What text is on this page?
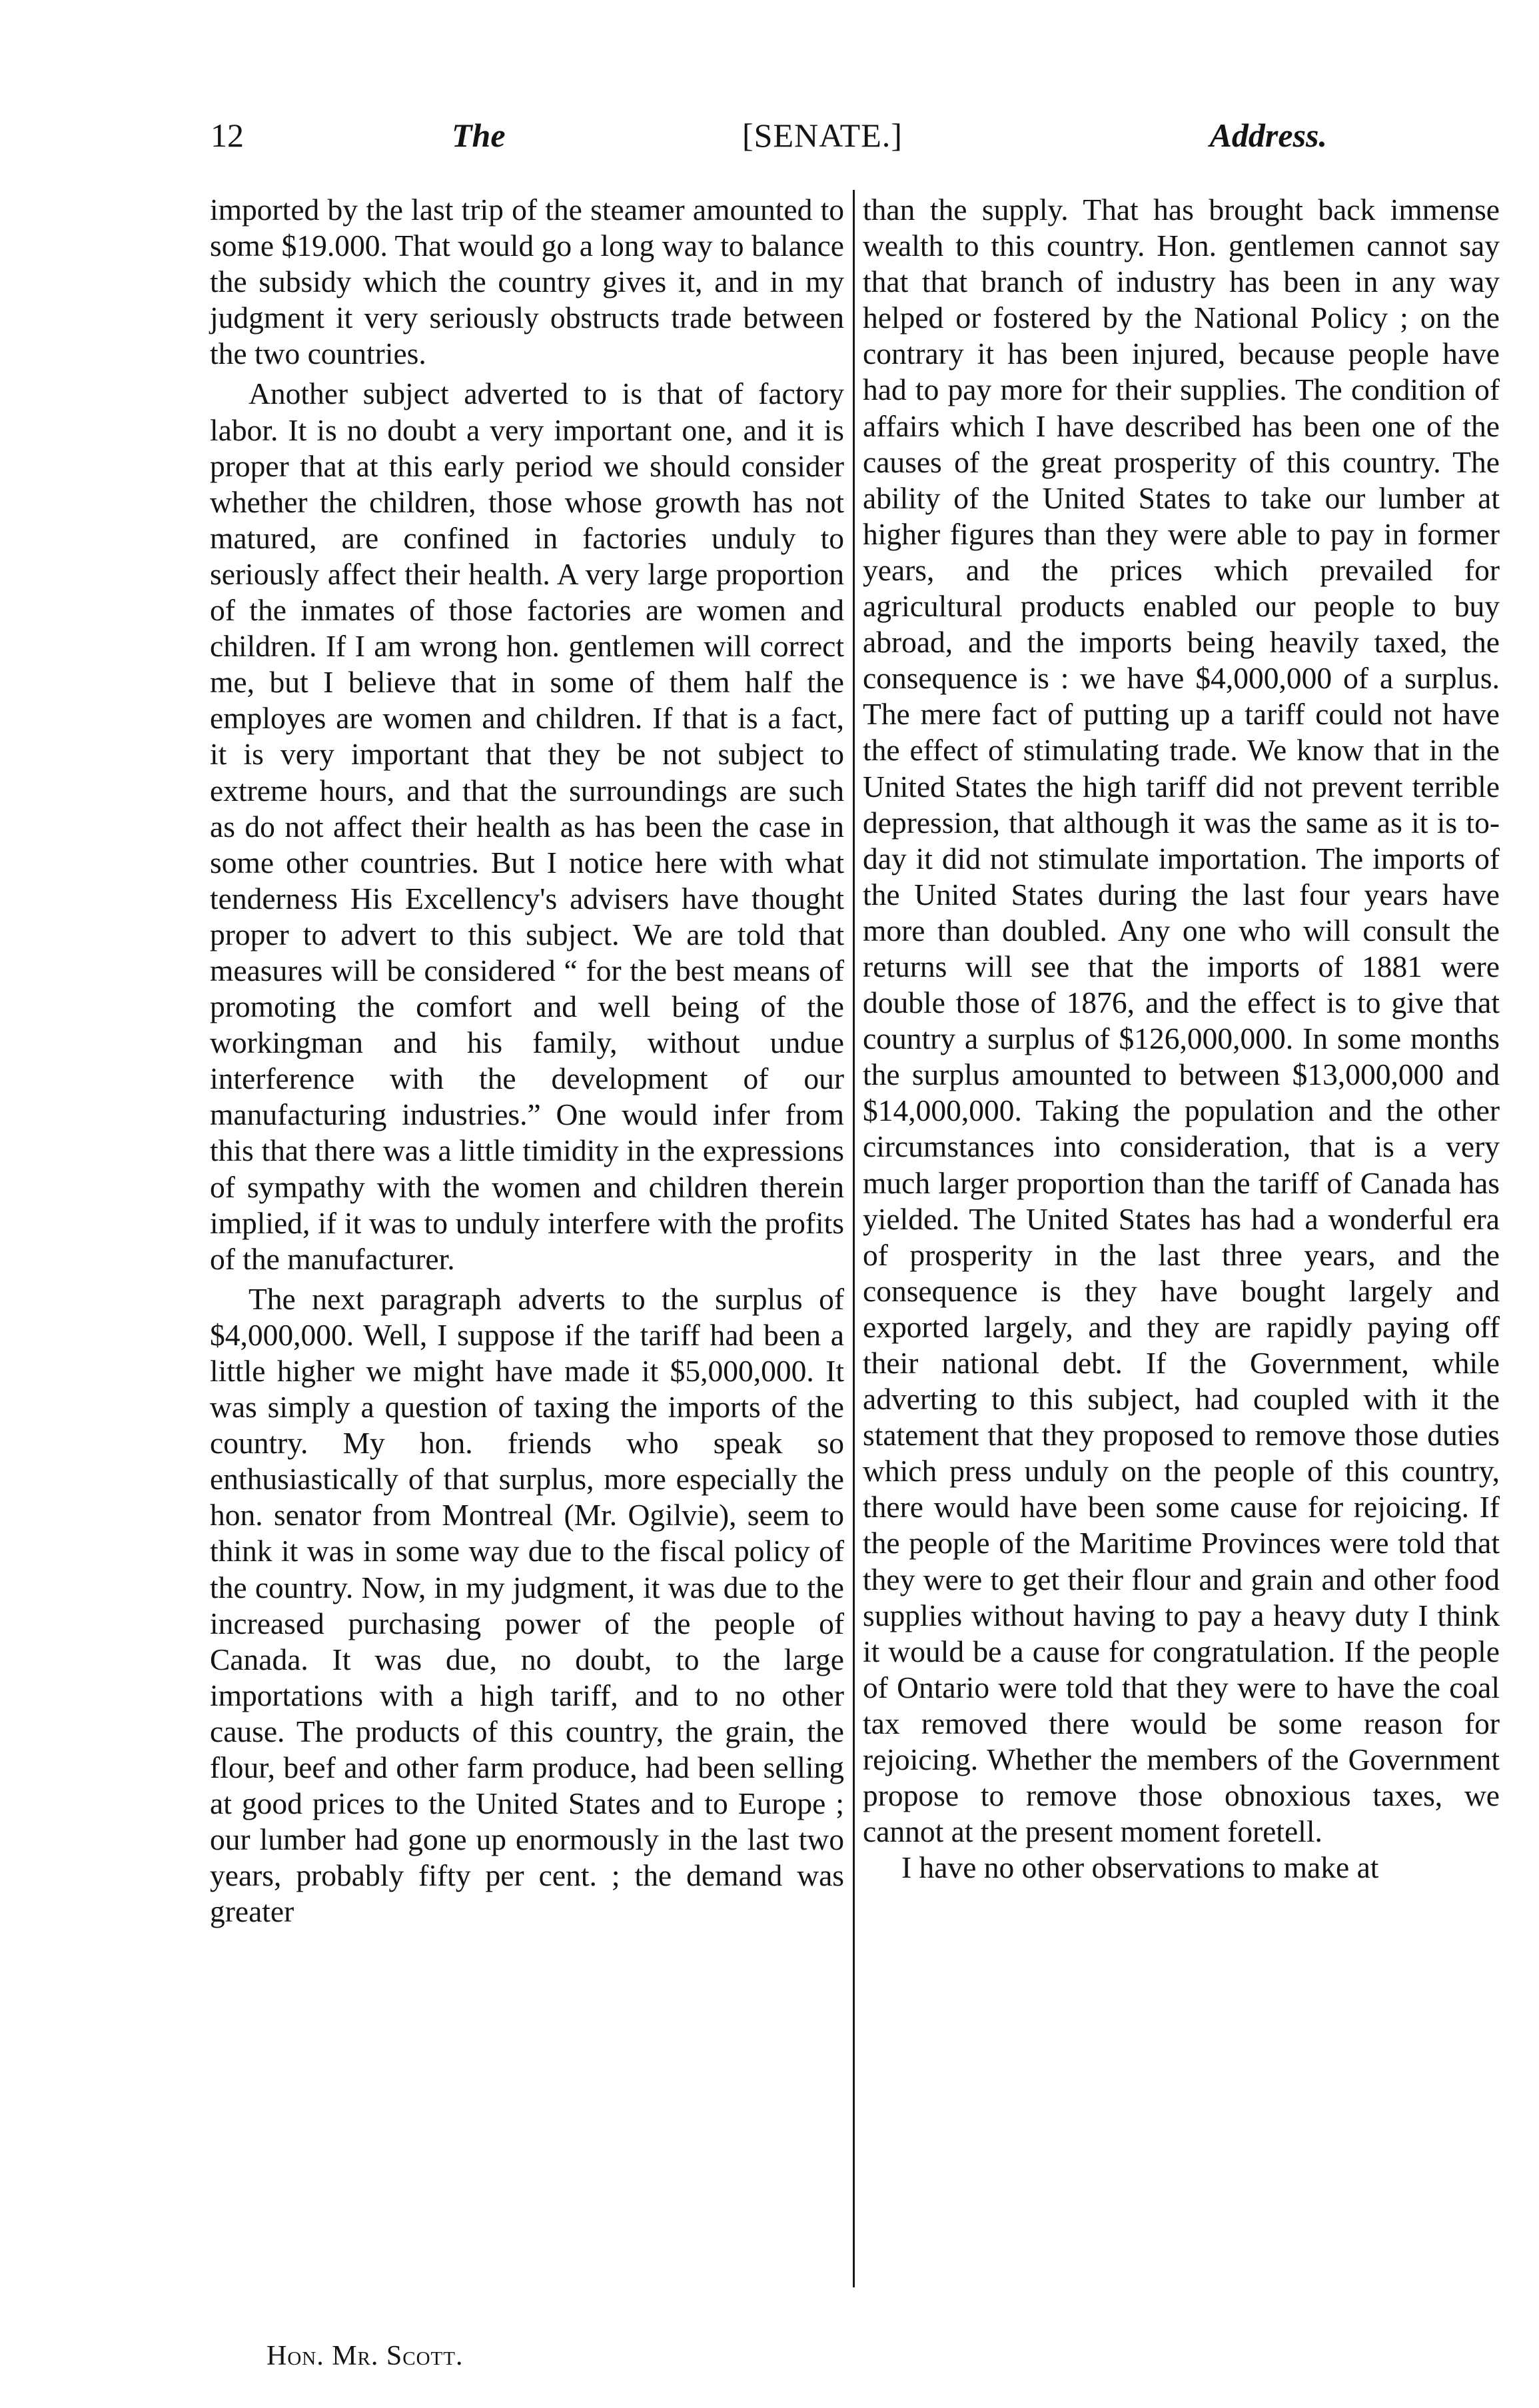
12	The	[SENATE.]	Address.

imported by the last trip of the steamer amounted to some $19.000. That would go a long way to balance the subsidy which the country gives it, and in my judgment it very seriously obstructs trade between the two countries.

Another subject adverted to is that of factory labor. It is no doubt a very important one, and it is proper that at this early period we should consider whether the children, those whose growth has not matured, are confined in factories unduly to seriously affect their health. A very large proportion of the inmates of those factories are women and children. If I am wrong hon. gentlemen will correct me, but I believe that in some of them half the employes are women and children. If that is a fact, it is very important that they be not subject to extreme hours, and that the surroundings are such as do not affect their health as has been the case in some other countries. But I notice here with what tenderness His Excellency's advisers have thought proper to advert to this subject. We are told that measures will be considered “ for the best means of promoting the comfort and well being of the workingman and his family, without undue interference with the development of our manufacturing industries.” One would infer from this that there was a little timidity in the expressions of sympathy with the women and children therein implied, if it was to unduly interfere with the profits of the manufacturer.

The next paragraph adverts to the surplus of $4,000,000. Well, I suppose if the tariff had been a little higher we might have made it $5,000,000. It was simply a question of taxing the imports of the country. My hon. friends who speak so enthusiastically of that surplus, more especially the hon. senator from Montreal (Mr. Ogilvie), seem to think it was in some way due to the fiscal policy of the country. Now, in my judgment, it was due to the increased purchasing power of the people of Canada. It was due, no doubt, to the large importations with a high tariff, and to no other cause. The products of this country, the grain, the flour, beef and other farm produce, had been selling at good prices to the United States and to Europe ; our lumber had gone up enormously in the last two years, probably fifty per cent. ; the demand was greater

than the supply. That has brought back immense wealth to this country. Hon. gentlemen cannot say that that branch of industry has been in any way helped or fostered by the National Policy ; on the contrary it has been injured, because people have had to pay more for their supplies. The condition of affairs which I have described has been one of the causes of the great prosperity of this country. The ability of the United States to take our lumber at higher figures than they were able to pay in former years, and the prices which prevailed for agricultural products enabled our people to buy abroad, and the imports being heavily taxed, the consequence is : we have $4,000,000 of a surplus. The mere fact of putting up a tariff could not have the effect of stimulating trade. We know that in the United States the high tariff did not prevent terrible depression, that although it was the same as it is to-day it did not stimulate importation. The imports of the United States during the last four years have more than doubled. Any one who will consult the returns will see that the imports of 1881 were double those of 1876, and the effect is to give that country a surplus of $126,000,000. In some months the surplus amounted to between $13,000,000 and $14,000,000. Taking the population and the other circumstances into consideration, that is a very much larger proportion than the tariff of Canada has yielded. The United States has had a wonderful era of prosperity in the last three years, and the consequence is they have bought largely and exported largely, and they are rapidly paying off their national debt. If the Government, while adverting to this subject, had coupled with it the statement that they proposed to remove those duties which press unduly on the people of this country, there would have been some cause for rejoicing. If the people of the Maritime Provinces were told that they were to get their flour and grain and other food supplies without having to pay a heavy duty I think it would be a cause for congratulation. If the people of Ontario were told that they were to have the coal tax removed there would be some reason for rejoicing. Whether the members of the Government propose to remove those obnoxious taxes, we cannot at the present moment foretell.

I have no other observations to make at

Hon. Mr. Scott.
